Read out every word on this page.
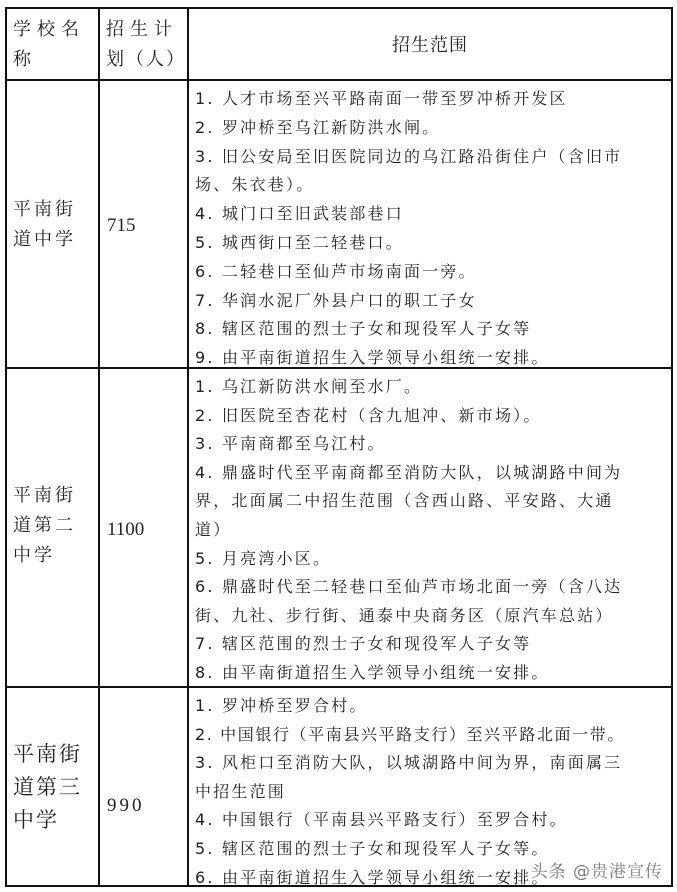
学校名
称
招生计
划（人）
招生范围
平南街
道中学
715
1. 人才市场至兴平路南面一带至罗冲桥开发区
2. 罗冲桥至乌江新防洪水闸。
3. 旧公安局至旧医院同边的乌江路沿街住户（含旧市
场、朱衣巷）。
4. 城门口至旧武装部巷口
5. 城西街口至二轻巷口。
6. 二轻巷口至仙芦市场南面一旁。
7. 华润水泥厂外县户口的职工子女
8. 辖区范围的烈士子女和现役军人子女等
9. 由平南街道招生入学领导小组统一安排。
平南街
道第二
中学
1100
1. 乌江新防洪水闸至水厂。
2. 旧医院至杏花村（含九旭冲、新市场）。
3. 平南商都至乌江村。
4. 鼎盛时代至平南商都至消防大队，以城湖路中间为
界，北面属二中招生范围（含西山路、平安路、大通
道）
5. 月亮湾小区。
6. 鼎盛时代至二轻巷口至仙芦市场北面一旁（含八达
街、九社、步行街、通泰中央商务区（原汽车总站）
7. 辖区范围的烈士子女和现役军人子女等
8. 由平南街道招生入学领导小组统一安排。
平南街
道第三
中学
990
1. 罗冲桥至罗合村。
2. 中国银行（平南县兴平路支行）至兴平路北面一带。
3. 风柜口至消防大队，以城湖路中间为界，南面属三
中招生范围
4. 中国银行（平南县兴平路支行）至罗合村。
5. 辖区范围的烈士子女和现役军人子女等。
6. 由平南街道招生入学领导小组统一安排。
头条 @贵港宣传
